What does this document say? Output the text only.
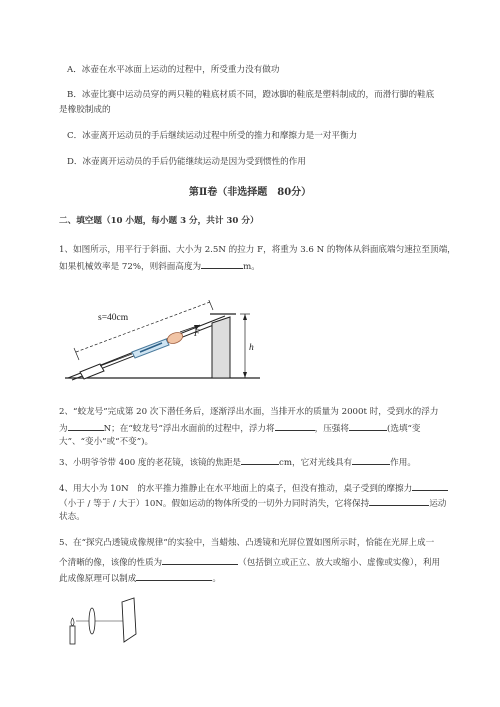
A．冰壶在水平冰面上运动的过程中，所受重力没有做功
B．冰壶比赛中运动员穿的两只鞋的鞋底材质不同，蹬冰脚的鞋底是塑料制成的，而滑行脚的鞋底
是橡胶制成的
C．冰壶离开运动员的手后继续运动过程中所受的推力和摩擦力是一对平衡力
D．冰壶离开运动员的手后仍能继续运动是因为受到惯性的作用
第Ⅱ卷（非选择题　80分）
二、填空题（10 小题，每小题 3 分，共计 30 分）
1、如图所示，用平行于斜面、大小为 2.5N 的拉力 F，将重为 3.6 N 的物体从斜面底端匀速拉至顶端，
如果机械效率是 72%，则斜面高度为	m。
F
s=40cm
h
2、“蛟龙号”完成第 20 次下潜任务后，逐渐浮出水面，当排开水的质量为 2000t 时，受到水的浮力
为	N；在“蛟龙号”浮出水面前的过程中，浮力将	，压强将	(选填“变
大”、“变小”或“不变”)。
3、小明爷爷带 400 度的老花镜，该镜的焦距是	cm，它对光线具有	作用。
4、用大小为 10N　的水平推力推静止在水平地面上的桌子，但没有推动，桌子受到的摩擦力
（小于 / 等于 / 大于）10N。假如运动的物体所受的一切外力同时消失，它将保持	运动
状态。
5、在“探究凸透镜成像规律”的实验中，当蜡烛、凸透镜和光屏位置如图所示时，恰能在光屏上成一
个清晰的像，该像的性质为	（包括倒立或正立、放大或缩小、虚像或实像），利用
此成像原理可以制成	。
